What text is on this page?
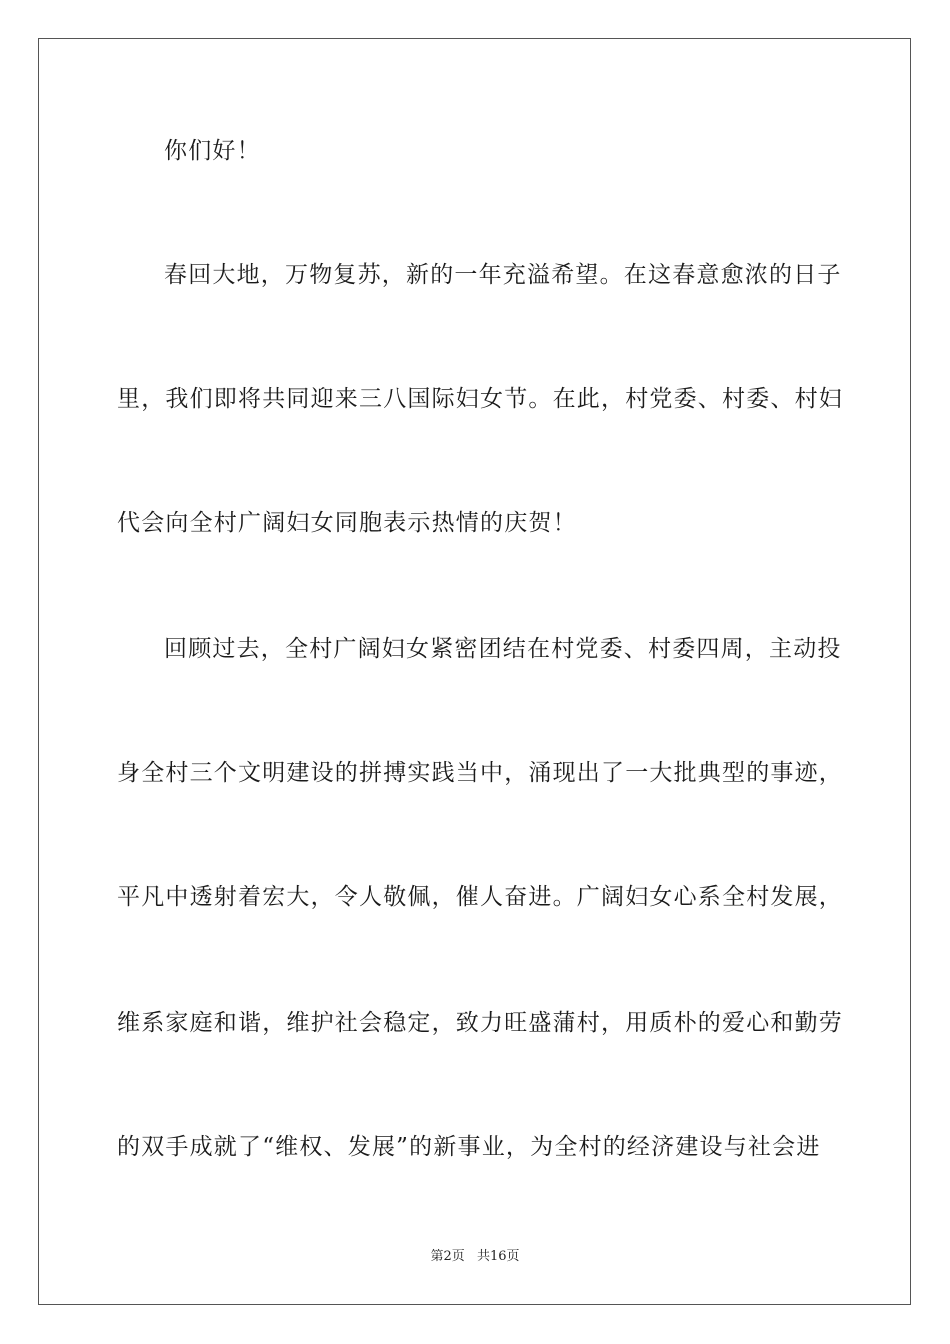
你们好！
春回大地，万物复苏，新的一年充溢希望。在这春意愈浓的日子
里，我们即将共同迎来三八国际妇女节。在此，村党委、村委、村妇
代会向全村广阔妇女同胞表示热情的庆贺！
回顾过去，全村广阔妇女紧密团结在村党委、村委四周，主动投
身全村三个文明建设的拼搏实践当中，涌现出了一大批典型的事迹，
平凡中透射着宏大，令人敬佩，催人奋进。广阔妇女心系全村发展，
维系家庭和谐，维护社会稳定，致力旺盛蒲村，用质朴的爱心和勤劳
的双手成就了“维权、发展”的新事业，为全村的经济建设与社会进
第2页 共16页
